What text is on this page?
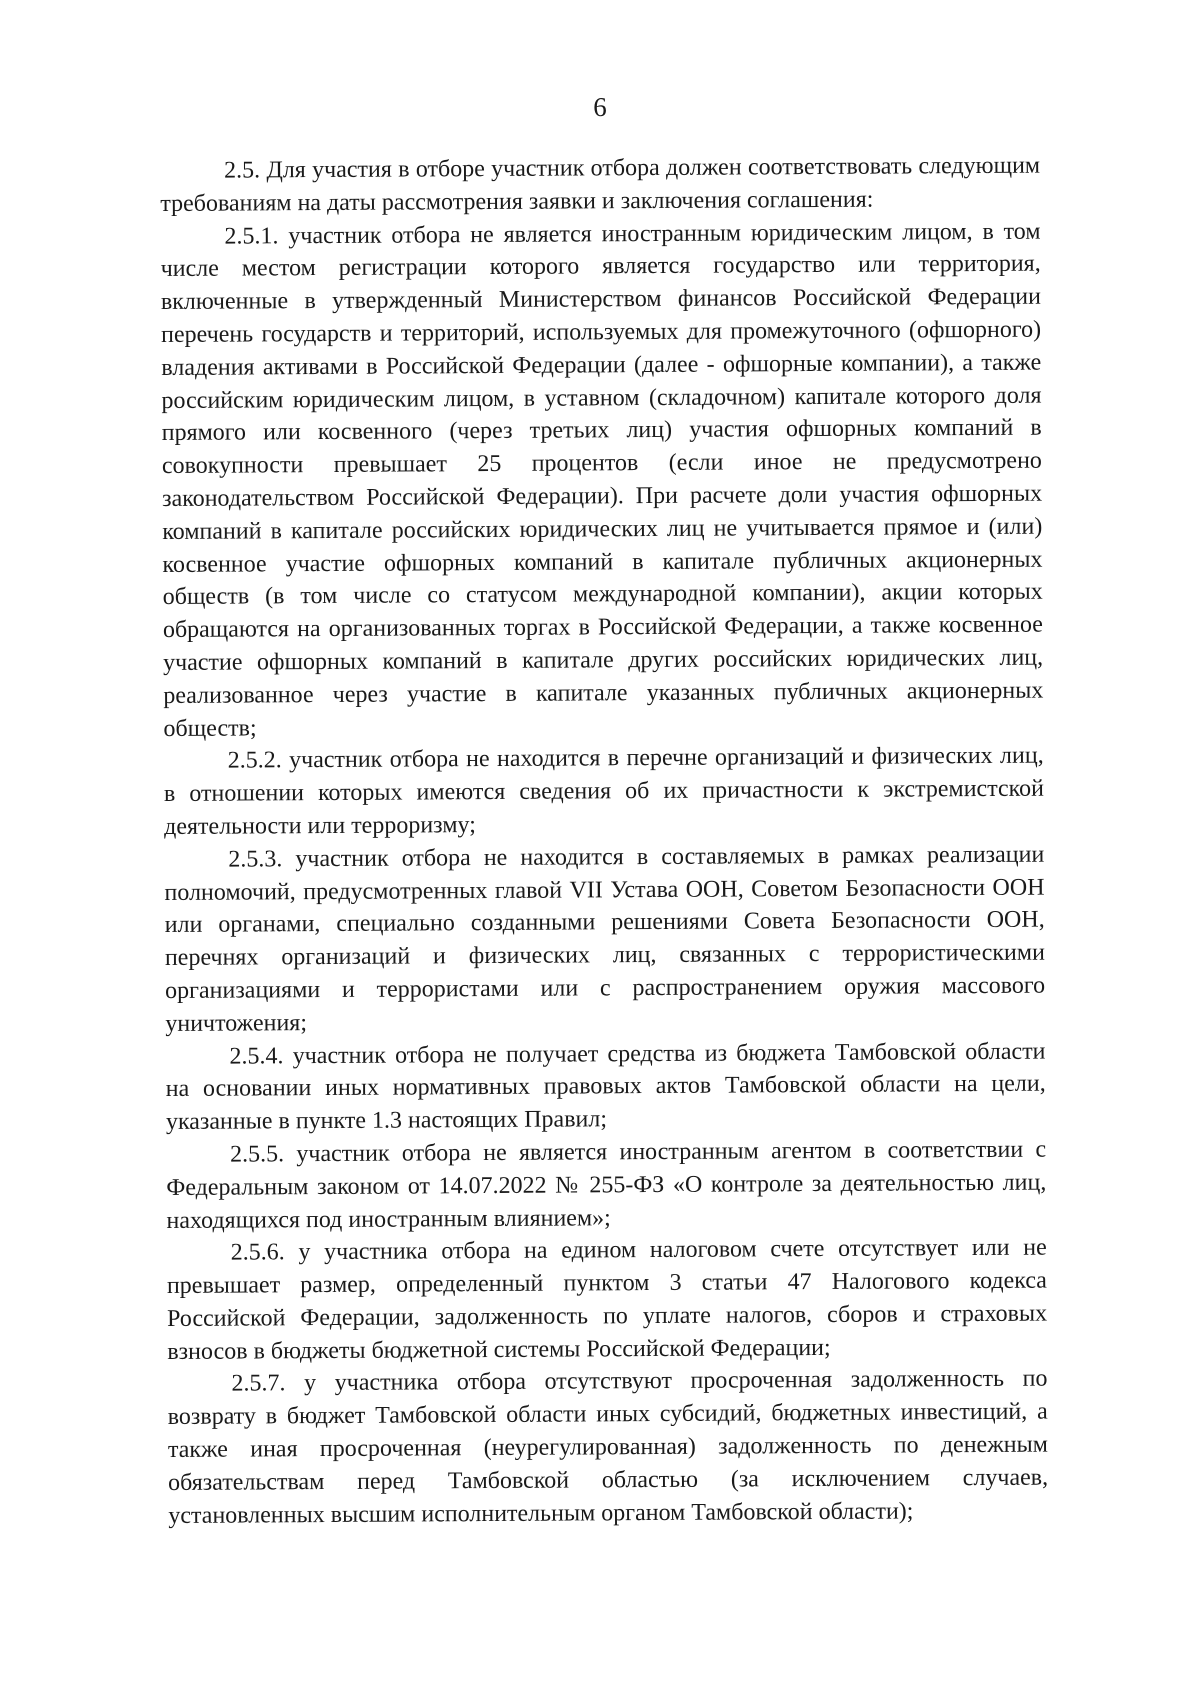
6

2.5. Для участия в отборе участник отбора должен соответствовать следующим требованиям на даты рассмотрения заявки и заключения соглашения:

2.5.1. участник отбора не является иностранным юридическим лицом, в том числе местом регистрации которого является государство или территория, включенные в утвержденный Министерством финансов Российской Федерации перечень государств и территорий, используемых для промежуточного (офшорного) владения активами в Российской Федерации (далее - офшорные компании), а также российским юридическим лицом, в уставном (складочном) капитале которого доля прямого или косвенного (через третьих лиц) участия офшорных компаний в совокупности превышает 25 процентов (если иное не предусмотрено законодательством Российской Федерации). При расчете доли участия офшорных компаний в капитале российских юридических лиц не учитывается прямое и (или) косвенное участие офшорных компаний в капитале публичных акционерных обществ (в том числе со статусом международной компании), акции которых обращаются на организованных торгах в Российской Федерации, а также косвенное участие офшорных компаний в капитале других российских юридических лиц, реализованное через участие в капитале указанных публичных акционерных обществ;

2.5.2. участник отбора не находится в перечне организаций и физических лиц, в отношении которых имеются сведения об их причастности к экстремистской деятельности или терроризму;

2.5.3. участник отбора не находится в составляемых в рамках реализации полномочий, предусмотренных главой VII Устава ООН, Советом Безопасности ООН или органами, специально созданными решениями Совета Безопасности ООН, перечнях организаций и физических лиц, связанных с террористическими организациями и террористами или с распространением оружия массового уничтожения;

2.5.4. участник отбора не получает средства из бюджета Тамбовской области на основании иных нормативных правовых актов Тамбовской области на цели, указанные в пункте 1.3 настоящих Правил;

2.5.5. участник отбора не является иностранным агентом в соответствии с Федеральным законом от 14.07.2022 № 255-ФЗ «О контроле за деятельностью лиц, находящихся под иностранным влиянием»;

2.5.6. у участника отбора на едином налоговом счете отсутствует или не превышает размер, определенный пунктом 3 статьи 47 Налогового кодекса Российской Федерации, задолженность по уплате налогов, сборов и страховых взносов в бюджеты бюджетной системы Российской Федерации;

2.5.7. у участника отбора отсутствуют просроченная задолженность по возврату в бюджет Тамбовской области иных субсидий, бюджетных инвестиций, а также иная просроченная (неурегулированная) задолженность по денежным обязательствам перед Тамбовской областью (за исключением случаев, установленных высшим исполнительным органом Тамбовской области);
